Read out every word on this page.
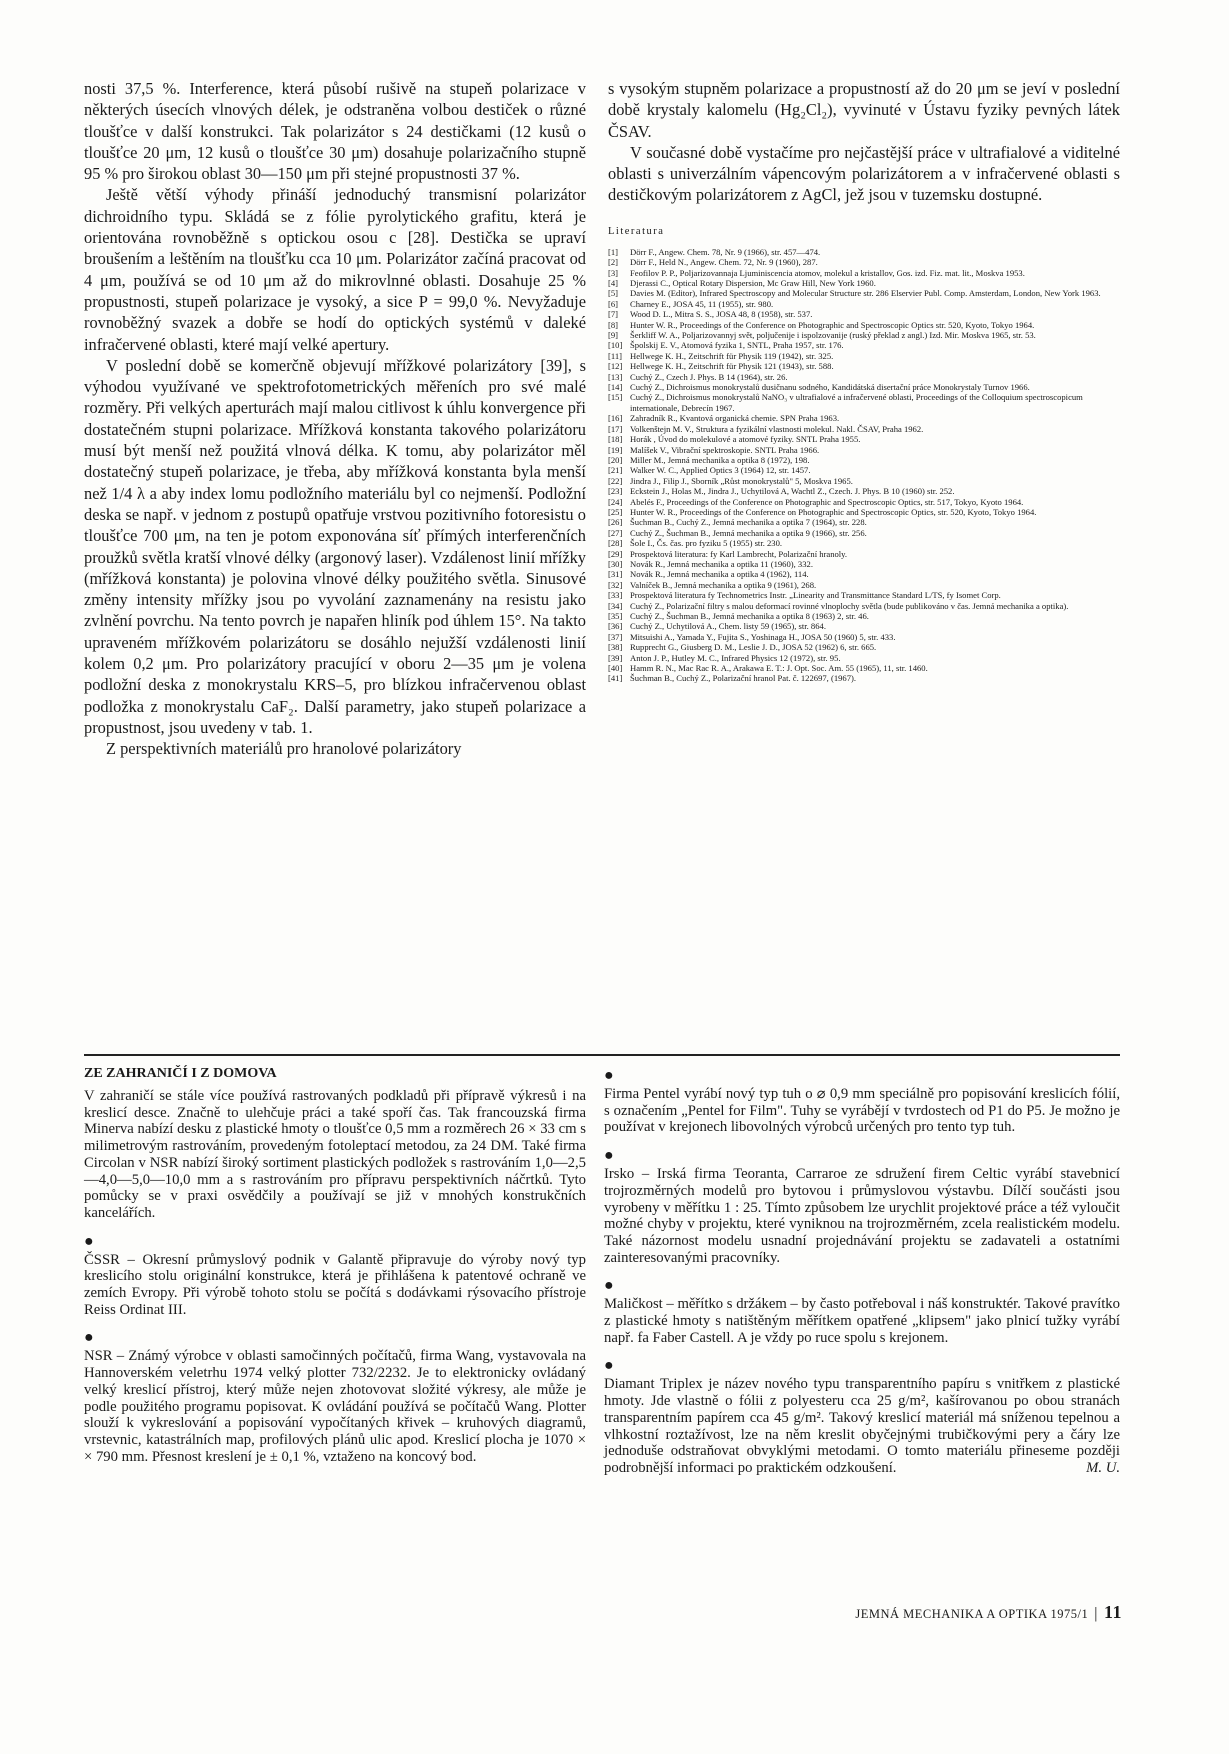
nosti 37,5 %. Interference, která působí rušivě na stupeň polarizace v některých úsecích vlnových délek, je odstraněna volbou destiček o různé tloušťce v další konstrukci. Tak polarizátor s 24 destičkami (12 kusů o tloušťce 20 μm, 12 kusů o tloušťce 30 μm) dosahuje polarizačního stupně 95 % pro širokou oblast 30—150 μm při stejné propustnosti 37 %.

Ještě větší výhody přináší jednoduchý transmisní polarizátor dichroidního typu. Skládá se z fólie pyrolytického grafitu, která je orientována rovnoběžně s optickou osou c [28]. Destička se upraví broušením a leštěním na tloušťku cca 10 μm. Polarizátor začíná pracovat od 4 μm, používá se od 10 μm až do mikrovlnné oblasti. Dosahuje 25 % propustnosti, stupeň polarizace je vysoký, a sice P = 99,0 %. Nevyžaduje rovnoběžný svazek a dobře se hodí do optických systémů v daleké infračervené oblasti, které mají velké apertury.

V poslední době se komerčně objevují mřížkové polarizátory [39], s výhodou využívané ve spektrofotometrických měřeních pro své malé rozměry. Při velkých aperturách mají malou citlivost k úhlu konvergence při dostatečném stupni polarizace. Mřížková konstanta takového polarizátoru musí být menší než použitá vlnová délka. K tomu, aby polarizátor měl dostatečný stupeň polarizace, je třeba, aby mřížková konstanta byla menší než 1/4 λ a aby index lomu podložního materiálu byl co nejmenší. Podložní deska se např. v jednom z postupů opatřuje vrstvou pozitivního fotoresistu o tloušťce 700 μm, na ten je potom exponována síť přímých interferenčních proužků světla kratší vlnové délky (argonový laser). Vzdálenost linií mřížky (mřížková konstanta) je polovina vlnové délky použitého světla. Sinusové změny intensity mřížky jsou po vyvolání zaznamenány na resistu jako zvlnění povrchu. Na tento povrch je napařen hliník pod úhlem 15°. Na takto upraveném mřížkovém polarizátoru se dosáhlo nejužší vzdálenosti linií kolem 0,2 μm. Pro polarizátory pracující v oboru 2—35 μm je volena podložní deska z monokrystalu KRS–5, pro blízkou infračervenou oblast podložka z monokrystalu CaF₂. Další parametry, jako stupeň polarizace a propustnost, jsou uvedeny v tab. 1.

Z perspektivních materiálů pro hranolové polarizátory

s vysokým stupněm polarizace a propustností až do 20 μm se jeví v poslední době krystaly kalomelu (Hg₂Cl₂), vyvinuté v Ústavu fyziky pevných látek ČSAV.

V současné době vystačíme pro nejčastější práce v ultrafialové a viditelné oblasti s univerzálním vápencovým polarizátorem a v infračervené oblasti s destičkovým polarizátorem z AgCl, jež jsou v tuzemsku dostupné.

Literatura
[1]	Dörr F., Angew. Chem. 78, Nr. 9 (1966), str. 457—474.
[2]	Dörr F., Held N., Angew. Chem. 72, Nr. 9 (1960), 287.
[3]	Feofilov P. P., Poljarizovannaja Ljuminiscencia atomov, molekul a kristallov, Gos. izd. Fiz. mat. lit., Moskva 1953.
[4]	Djerassi C., Optical Rotary Dispersion, Mc Graw Hill, New York 1960.
[5]	Davies M. (Editor), Infrared Spectroscopy and Molecular Structure str. 286 Elservier Publ. Comp. Amsterdam, London, New York 1963.
[6]	Charney E., JOSA 45, 11 (1955), str. 980.
[7]	Wood D. L., Mitra S. S., JOSA 48, 8 (1958), str. 537.
[8]	Hunter W. R., Proceedings of the Conference on Photographic and Spectroscopic Optics str. 520, Kyoto, Tokyo 1964.
[9]	Šerkliff W. A., Poljarizovannyj svět, poljučenije i ispolzovanije (ruský překlad z angl.) Izd. Mir. Moskva 1965, str. 53.
[10] Špolskij E. V., Atomová fyzika 1, SNTL, Praha 1957, str. 176.
[11] Hellwege K. H., Zeitschrift für Physik 119 (1942), str. 325.
[12] Hellwege K. H., Zeitschrift für Physik 121 (1943), str. 588.
[13] Cuchý Z., Czech J. Phys. B 14 (1964), str. 26.
[14] Cuchý Z., Dichroismus monokrystalů dusičnanu sodného, Kandidátská disertační práce Monokrystaly Turnov 1966.
[15] Cuchý Z., Dichroismus monokrystalů NaNO₃ v ultrafialové a infračervené oblasti, Proceedings of the Colloquium spectroscopicum internationale, Debrecín 1967.
[16] Zahradník R., Kvantová organická chemie. SPN Praha 1963.
[17] Volkenštejn M. V., Struktura a fyzikální vlastnosti molekul. Nakl. ČSAV, Praha 1962.
[18] Horák , Úvod do molekulové a atomové fyziky. SNTL Praha 1955.
[19] Malíšek V., Vibrační spektroskopie. SNTL Praha 1966.
[20] Miller M., Jemná mechanika a optika 8 (1972), 198.
[21] Walker W. C., Applied Optics 3 (1964) 12, str. 1457.
[22] Jindra J., Filip J., Sborník „Růst monokrystalů" 5, Moskva 1965.
[23] Eckstein J., Holas M., Jindra J., Uchytilová A, Wachtl Z., Czech. J. Phys. B 10 (1960) str. 252.
[24] Abelés F., Proceedings of the Conference on Photographic and Spectroscopic Optics, str. 517, Tokyo, Kyoto 1964.
[25] Hunter W. R., Proceedings of the Conference on Photographic and Spectroscopic Optics, str. 520, Kyoto, Tokyo 1964.
[26] Šuchman B., Cuchý Z., Jemná mechanika a optika 7 (1964), str. 228.
[27] Cuchý Z., Šuchman B., Jemná mechanika a optika 9 (1966), str. 256.
[28] Šole I., Čs. čas. pro fyziku 5 (1955) str. 230.
[29] Prospektová literatura: fy Karl Lambrecht, Polarizační hranoly.
[30] Novák R., Jemná mechanika a optika 11 (1960), 332.
[31] Novák R., Jemná mechanika a optika 4 (1962), 114.
[32] Valníček B., Jemná mechanika a optika 9 (1961), 268.
[33] Prospektová literatura fy Technometrics Instr. „Linearity and Transmittance Standard L/TS, fy Isomet Corp.
[34] Cuchý Z., Polarizační filtry s malou deformací rovinné vlnoplochy světla (bude publikováno v čas. Jemná mechanika a optika).
[35] Cuchý Z., Šuchman B., Jemná mechanika a optika 8 (1963) 2, str. 46.
[36] Cuchý Z., Uchytilová A., Chem. listy 59 (1965), str. 864.
[37] Mitsuishi A., Yamada Y., Fujita S., Yoshinaga H., JOSA 50 (1960) 5, str. 433.
[38] Rupprecht G., Giusberg D. M., Leslie J. D., JOSA 52 (1962) 6, str. 665.
[39] Anton J. P., Hutley M. C., Infrared Physics 12 (1972), str. 95.
[40] Hamm R. N., Mac Rac R. A., Arakawa E. T.: J. Opt. Soc. Am. 55 (1965), 11, str. 1460.
[41] Šuchman B., Cuchý Z., Polarizační hranol Pat. č. 122697, (1967).
ZE ZAHRANIČÍ I Z DOMOVA

V zahraničí se stále více používá rastrovaných podkladů při přípravě výkresů i na kreslicí desce. Značně to ulehčuje práci a také spoří čas. Tak francouzská firma Minerva nabízí desku z plastické hmoty o tloušťce 0,5 mm a rozměrech 26 × 33 cm s milimetrovým rastrováním, provedeným fotoleptací metodou, za 24 DM. Také firma Circolan v NSR nabízí široký sortiment plastických podložek s rastrováním 1,0—2,5—4,0—5,0—10,0 mm a s rastrováním pro přípravu perspektivních náčrtků. Tyto pomůcky se v praxi osvědčily a používají se již v mnohých konstrukčních kancelářích.

●

ČSSR – Okresní průmyslový podnik v Galantě připravuje do výroby nový typ kreslicího stolu originální konstrukce, která je přihlášena k patentové ochraně ve zemích Evropy. Při výrobě tohoto stolu se počítá s dodávkami rýsovacího přístroje Reiss Ordinat III.

●

NSR – Známý výrobce v oblasti samočinných počítačů, firma Wang, vystavovala na Hannoverském veletrhu 1974 velký plotter 732/2232. Je to elektronicky ovládaný velký kreslicí přístroj, který může nejen zhotovovat složité výkresy, ale může je podle použitého programu popisovat. K ovládání používá se počítačů Wang. Plotter slouží k vykreslování a popisování vypočítaných křivek – kruhových diagramů, vrstevnic, katastrálních map, profilových plánů ulic apod. Kreslicí plocha je 1070 × × 790 mm. Přesnost kreslení je ± 0,1 %, vztaženo na koncový bod.

●

Firma Pentel vyrábí nový typ tuh o ⌀ 0,9 mm speciálně pro popisování kreslicích fólií, s označením „Pentel for Film". Tuhy se vyrábějí v tvrdostech od P1 do P5. Je možno je používat v krejonech libovolných výrobců určených pro tento typ tuh.

●

Irsko – Irská firma Teoranta, Carraroe ze sdružení firem Celtic vyrábí stavebnicí trojrozměrných modelů pro bytovou i průmyslovou výstavbu. Dílčí součásti jsou vyrobeny v měřítku 1 : 25. Tímto způsobem lze urychlit projektové práce a též vyloučit možné chyby v projektu, které vyniknou na trojrozměrném, zcela realistickém modelu. Také názornost modelu usnadní projednávání projektu se zadavateli a ostatními zainteresovanými pracovníky.

●

Maličkost – měřítko s držákem – by často potřeboval i náš konstruktér. Takové pravítko z plastické hmoty s natištěným měřítkem opatřené „klipsem" jako plnicí tužky vyrábí např. fa Faber Castell. A je vždy po ruce spolu s krejonem.

●

Diamant Triplex je název nového typu transparentního papíru s vnitřkem z plastické hmoty. Jde vlastně o fólii z polyesteru cca 25 g/m², kašírovanou po obou stranách transparentním papírem cca 45 g/m². Takový kreslicí materiál má sníženou tepelnou a vlhkostní roztažívost, lze na něm kreslit obyčejnými trubičkovými pery a čáry lze jednoduše odstraňovat obvyklými metodami. O tomto materiálu přineseme později podrobnější informaci po praktickém odzkoušení.	M. U.

JEMNÁ MECHANIKA A OPTIKA 1975/1 | 11
